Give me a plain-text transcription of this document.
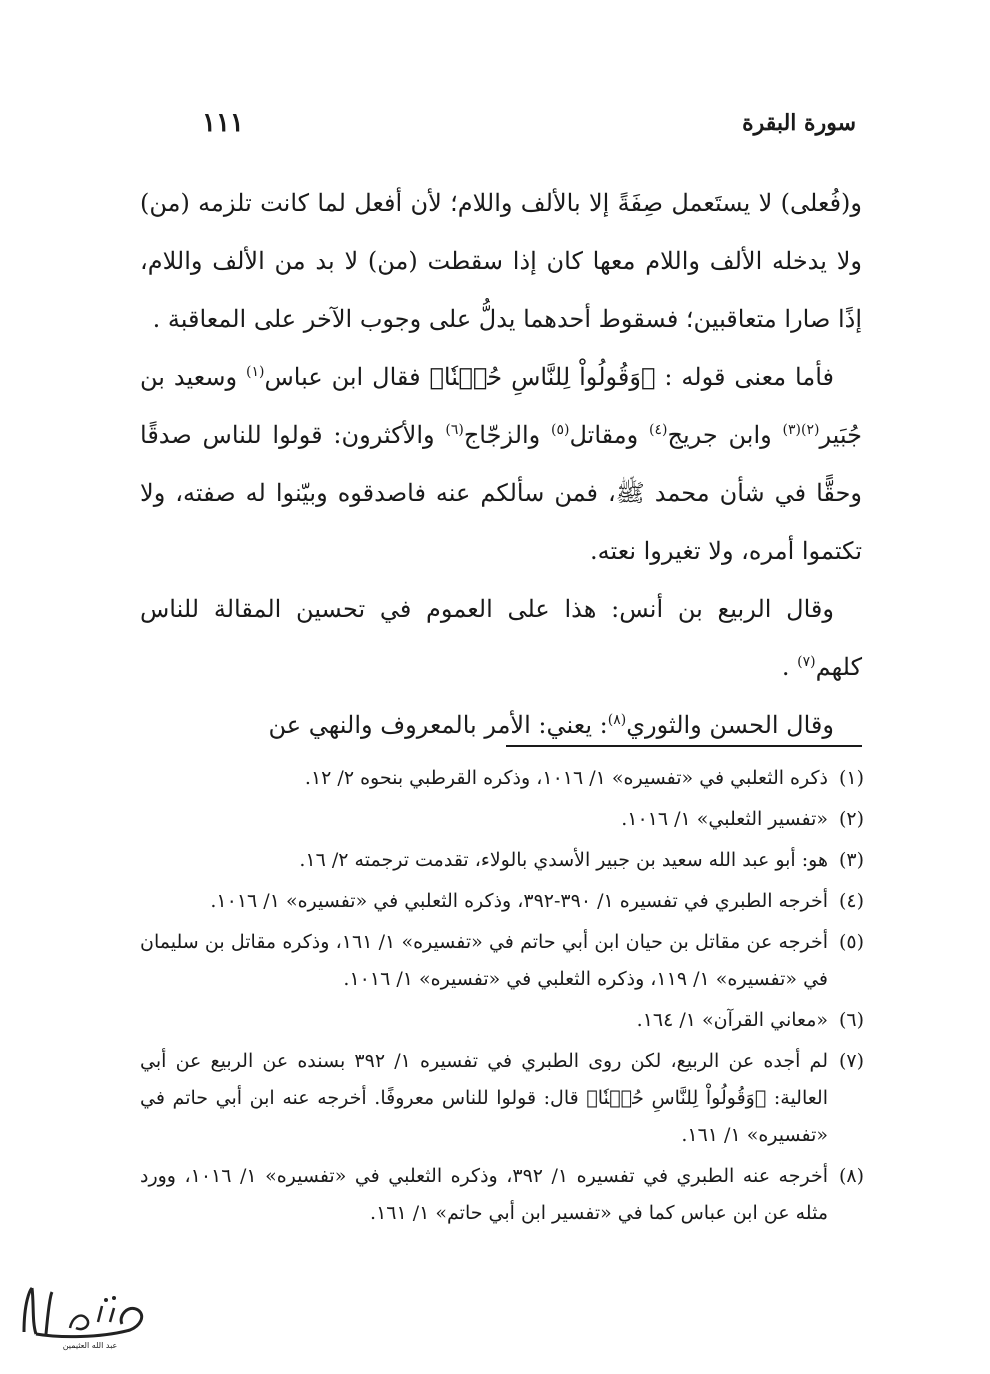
سورة البقرة
١١١

و(فُعلى) لا يستَعمل صِفَةً إلا بالألف واللام؛ لأن أفعل لما كانت تلزمه (من) ولا يدخله الألف واللام معها كان إذا سقطت (من) لا بد من الألف واللام، إذًا صارا متعاقبين؛ فسقوط أحدهما يدلُّ على وجوب الآخر على المعاقبة .

فأما معنى قوله : ﴿وَقُولُواْ لِلنَّاسِ حُسۡنٗا﴾ فقال ابن عباس$^{(١)}$ وسعيد بن جُبَير$^{(٢)(٣)}$ وابن جريج$^{(٤)}$ ومقاتل$^{(٥)}$ والزجّاج$^{(٦)}$ والأكثرون: قولوا للناس صدقًا وحقًّا في شأن محمد ﷺ، فمن سألكم عنه فاصدقوه وبيّنوا له صفته، ولا تكتموا أمره، ولا تغيروا نعته.

وقال الربيع بن أنس: هذا على العموم في تحسين المقالة للناس كلهم$^{(٧)}$ .

وقال الحسن والثوري$^{(٨)}$: يعني: الأمر بالمعروف والنهي عن

(١)
ذكره الثعلبي في «تفسيره» ١/ ١٠١٦، وذكره القرطبي بنحوه ٢/ ١٢.
(٢)
«تفسير الثعلبي» ١/ ١٠١٦.
(٣)
هو: أبو عبد الله سعيد بن جبير الأسدي بالولاء، تقدمت ترجمته ٢/ ١٦.
(٤)
أخرجه الطبري في تفسيره ١/ ٣٩٠-٣٩٢، وذكره الثعلبي في «تفسيره» ١/ ١٠١٦.
(٥)
أخرجه عن مقاتل بن حيان ابن أبي حاتم في «تفسيره» ١/ ١٦١، وذكره مقاتل بن سليمان في «تفسيره» ١/ ١١٩، وذكره الثعلبي في «تفسيره» ١/ ١٠١٦.
(٦)
«معاني القرآن» ١/ ١٦٤.
(٧)
لم أجده عن الربيع، لكن روى الطبري في تفسيره ١/ ٣٩٢ بسنده عن الربيع عن أبي العالية: ﴿وَقُولُواْ لِلنَّاسِ حُسۡنٗا﴾ قال: قولوا للناس معروفًا. أخرجه عنه ابن أبي حاتم في «تفسيره» ١/ ١٦١.
(٨)
أخرجه عنه الطبري في تفسيره ١/ ٣٩٢، وذكره الثعلبي في «تفسيره» ١/ ١٠١٦، وورد مثله عن ابن عباس كما في «تفسير ابن أبي حاتم» ١/ ١٦١.
عبد الله العثيمين
المسهم
